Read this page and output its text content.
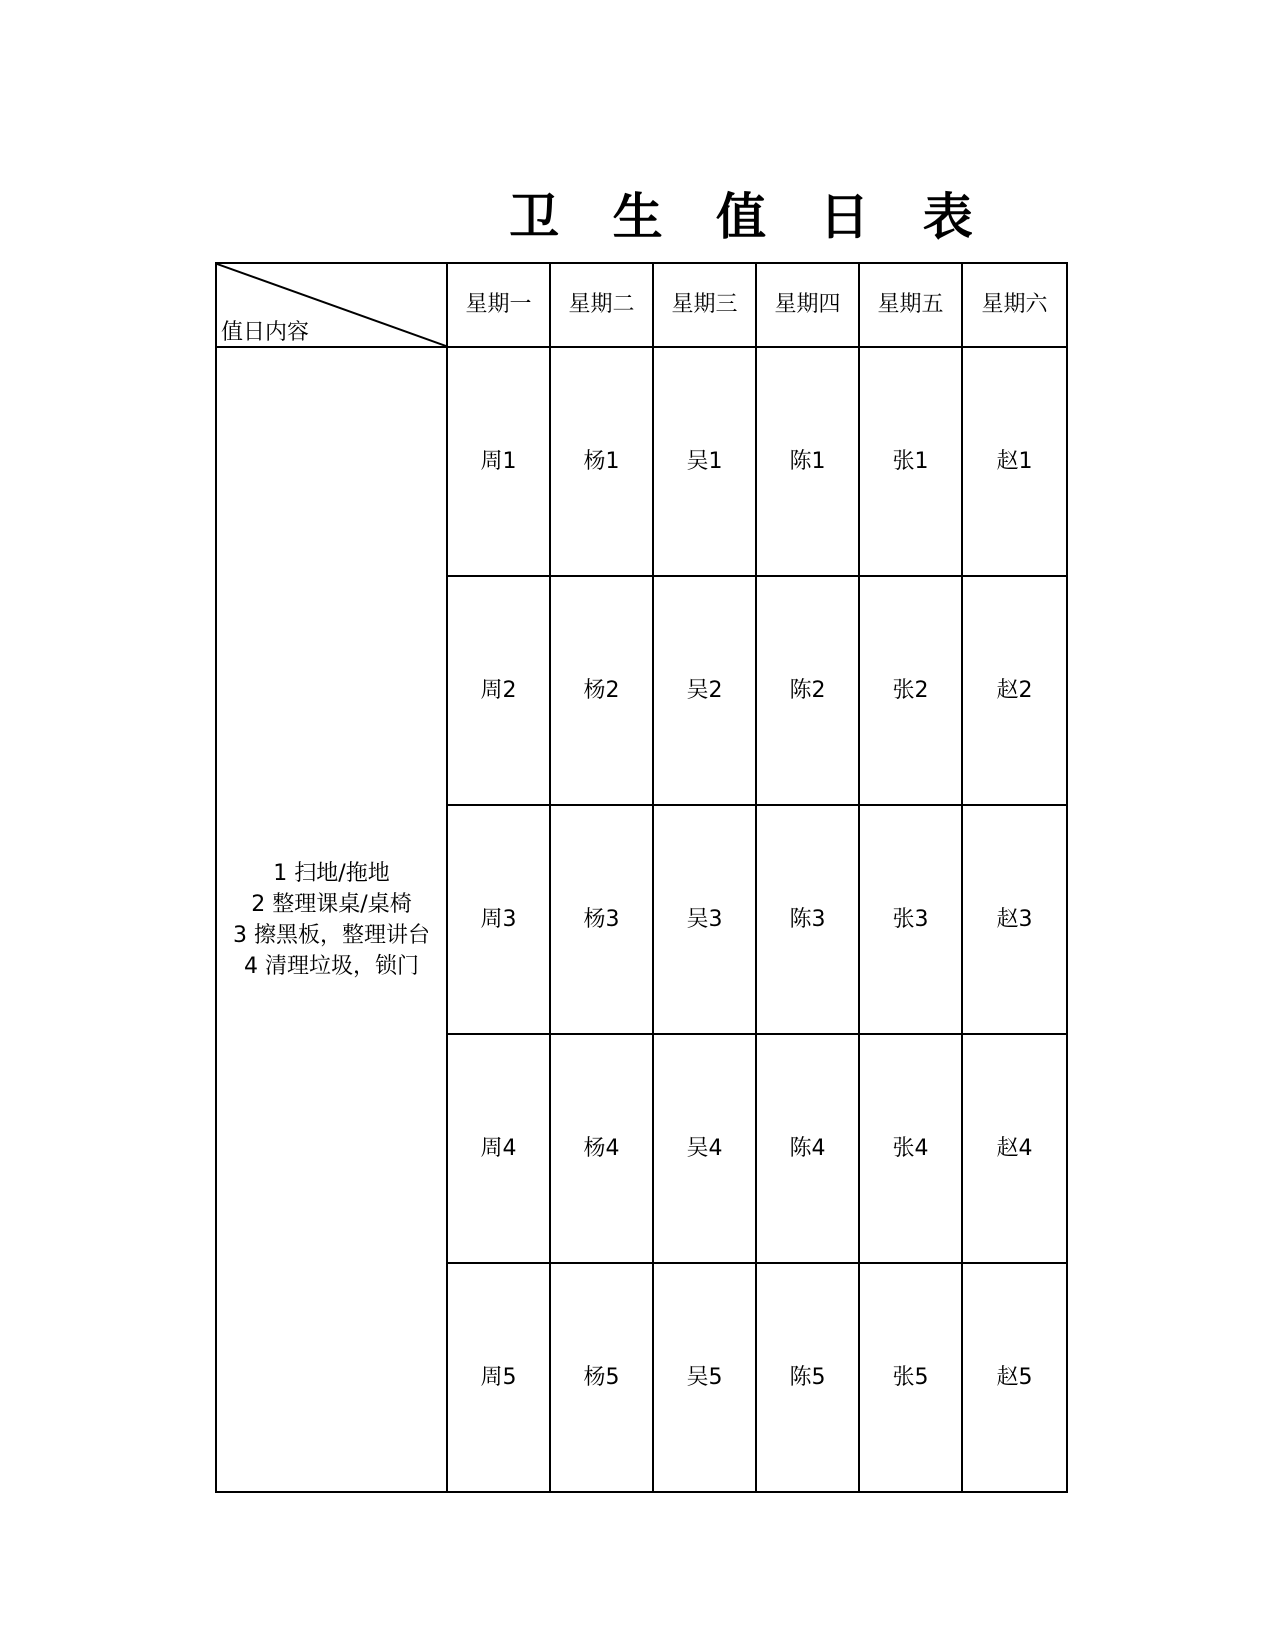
卫 生 值 日 表
值日内容	星期一	星期二	星期三	星期四	星期五	星期六

1 扫地/拖地
2 整理课桌/桌椅
3 擦黑板，整理讲台
4 清理垃圾，锁门	周1	杨1	吴1	陈1	张1	赵1
	周2	杨2	吴2	陈2	张2	赵2
	周3	杨3	吴3	陈3	张3	赵3
	周4	杨4	吴4	陈4	张4	赵4
	周5	杨5	吴5	陈5	张5	赵5
